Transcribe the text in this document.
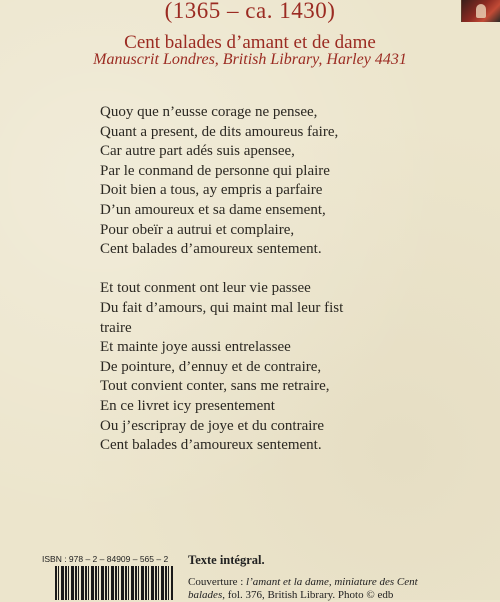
(1365 – ca. 1430)
Cent balades d’amant et de dame
Manuscrit Londres, British Library, Harley 4431
Quoy que n’eusse corage ne pensee,
Quant a present, de dits amoureus faire,
Car autre part adés suis apensee,
Par le conmand de personne qui plaire
Doit bien a tous, ay empris a parfaire
D’un amoureux et sa dame ensement,
Pour obeïr a autrui et complaire,
Cent balades d’amoureux sentement.
Et tout conment ont leur vie passee
Du fait d’amours, qui maint mal leur fist
traire
Et mainte joye aussi entrelassee
De pointure, d’ennuy et de contraire,
Tout convient conter, sans me retraire,
En ce livret icy presentement
Ou j’escripray de joye et du contraire
Cent balades d’amoureux sentement.
ISBN : 978 – 2 – 84909 – 565 – 2 Texte intégral.
Couverture : l’amant et la dame, miniature des Cent
balades, fol. 376, British Library. Photo © edb
